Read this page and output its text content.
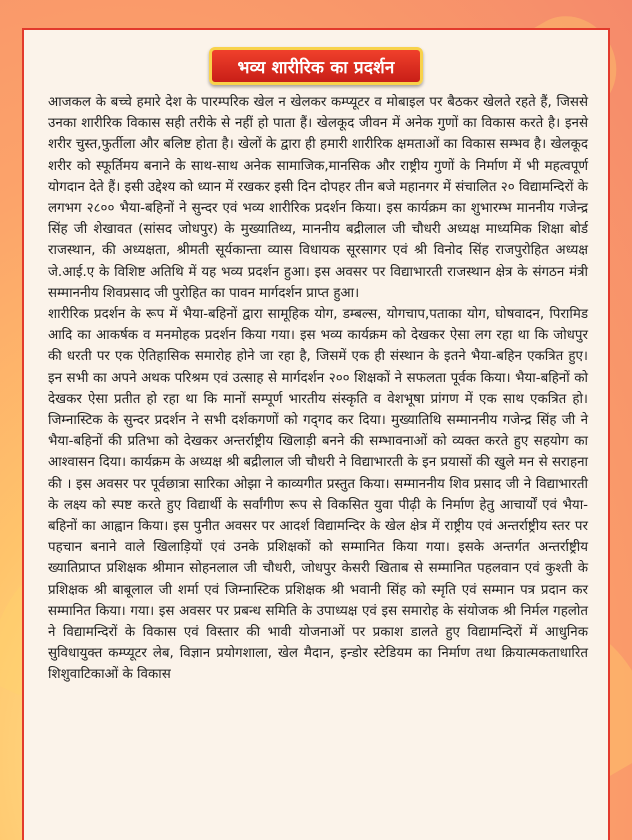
भव्य शारीरिक का प्रदर्शन

आजकल के बच्चे हमारे देश के पारम्परिक खेल न खेलकर कम्प्यूटर व मोबाइल पर बैठकर खेलते रहते हैं, जिससे उनका शारीरिक विकास सही तरीके से नहीं हो पाता हैं। खेलकूद जीवन में अनेक गुणों का विकास करते है। इनसे शरीर चुस्त,फुर्तीला और बलिष्ट होता है। खेलों के द्वारा ही हमारी शारीरिक क्षमताओं का विकास सम्भव है। खेलकूद शरीर को स्फूर्तिमय बनाने के साथ-साथ अनेक सामाजिक,मानसिक और राष्ट्रीय गुणों के निर्माण में भी महत्वपूर्ण योगदान देते हैं। इसी उद्देश्य को ध्यान में रखकर इसी दिन दोपहर तीन बजे महानगर में संचालित २० विद्यामन्दिरों के लगभग २८०० भैया-बहिनों ने सुन्दर एवं भव्य शारीरिक प्रदर्शन किया। इस कार्यक्रम का शुभारम्भ माननीय गजेन्द्र सिंह जी शेखावत (सांसद जोधपुर) के मुख्यातिथ्य, माननीय बद्रीलाल जी चौधरी अध्यक्ष माध्यमिक शिक्षा बोर्ड राजस्थान, की अध्यक्षता, श्रीमती सूर्यकान्ता व्यास विधायक सूरसागर एवं श्री विनोद सिंह राजपुरोहित अध्यक्ष जे.आई.ए के विशिष्ट अतिथि में यह भव्य प्रदर्शन हुआ। इस अवसर पर विद्याभारती राजस्थान क्षेत्र के संगठन मंत्री सम्माननीय शिवप्रसाद जी पुरोहित का पावन मार्गदर्शन प्राप्त हुआ।

शारीरिक प्रदर्शन के रूप में भैया-बहिनों द्वारा सामूहिक योग, डम्बल्स, योगचाप,पताका योग, घोषवादन, पिरामिड आदि का आकर्षक व मनमोहक प्रदर्शन किया गया। इस भव्य कार्यक्रम को देखकर ऐसा लग रहा था कि जोधपुर की धरती पर एक ऐतिहासिक समारोह होने जा रहा है, जिसमें एक ही संस्थान के इतने भैया-बहिन एकत्रित हुए। इन सभी का अपने अथक परिश्रम एवं उत्साह से मार्गदर्शन २०० शिक्षकों ने सफलता पूर्वक किया। भैया-बहिनों को देखकर ऐसा प्रतीत हो रहा था कि मानों सम्पूर्ण भारतीय संस्कृति व वेशभूषा प्रांगण में एक साथ एकत्रित हो। जिम्नास्टिक के सुन्दर प्रदर्शन ने सभी दर्शकगणों को गद्‌गद कर दिया। मुख्यातिथि सम्माननीय गजेन्द्र सिंह जी ने भैया-बहिनों की प्रतिभा को देखकर अन्तर्राष्ट्रीय खिलाड़ी बनने की सम्भावनाओं को व्यक्त करते हुए सहयोग का आश्वासन दिया। कार्यक्रम के अध्यक्ष श्री बद्रीलाल जी चौधरी ने विद्याभारती के इन प्रयासों की खुले मन से सराहना की । इस अवसर पर पूर्वछात्रा सारिका ओझा ने काव्यगीत प्रस्तुत किया। सम्माननीय शिव प्रसाद जी ने विद्याभारती के लक्ष्य को स्पष्ट करते हुए विद्यार्थी के सर्वांगीण रूप से विकसित युवा पीढ़ी के निर्माण हेतु आचार्यों एवं भैया-बहिनों का आह्वान किया। इस पुनीत अवसर पर आदर्श विद्यामन्दिर के खेल क्षेत्र में राष्ट्रीय एवं अन्तर्राष्ट्रीय स्तर पर पहचान बनाने वाले खिलाड़ियों एवं उनके प्रशिक्षकों को सम्मानित किया गया। इसके अन्तर्गत अन्तर्राष्ट्रीय ख्यातिप्राप्त प्रशिक्षक श्रीमान सोहनलाल जी चौधरी, जोधपुर केसरी खिताब से सम्मानित पहलवान एवं कुश्ती के प्रशिक्षक श्री बाबूलाल जी शर्मा एवं जिम्नास्टिक प्रशिक्षक श्री भवानी सिंह को स्मृति एवं सम्मान पत्र प्रदान कर सम्मानित किया। गया। इस अवसर पर प्रबन्ध समिति के उपाध्यक्ष एवं इस समारोह के संयोजक श्री निर्मल गहलोत ने विद्यामन्दिरों के विकास एवं विस्तार की भावी योजनाओं पर प्रकाश डालते हुए विद्यामन्दिरों में आधुनिक सुविधायुक्त कम्प्यूटर लेब, विज्ञान प्रयोगशाला, खेल मैदान, इन्डोर स्टेडियम का निर्माण तथा क्रियात्मकताधारित शिशुवाटिकाओं के विकास
